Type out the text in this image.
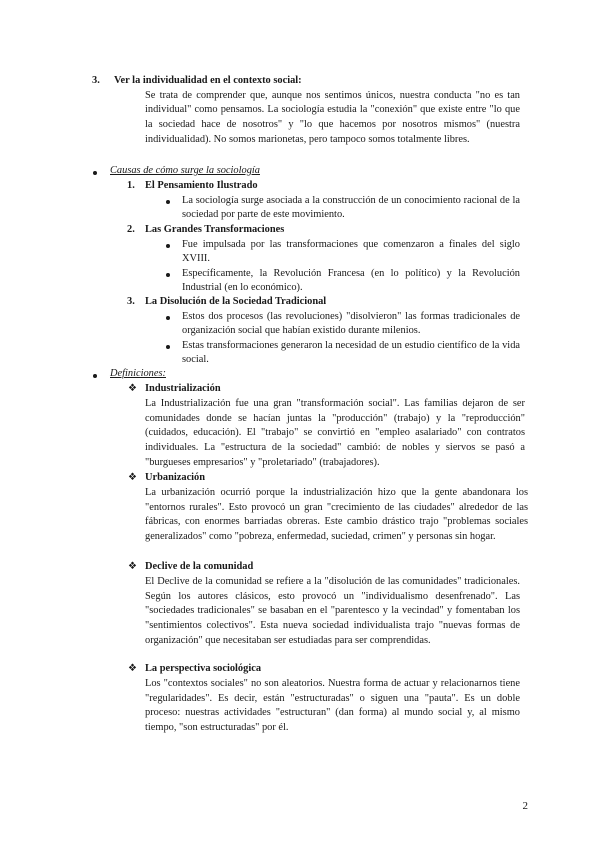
3. Ver la individualidad en el contexto social:

Se trata de comprender que, aunque nos sentimos únicos, nuestra conducta "no es tan individual" como pensamos. La sociología estudia la "conexión" que existe entre "lo que la sociedad hace de nosotros" y "lo que hacemos por nosotros mismos" (nuestra individualidad). No somos marionetas, pero tampoco somos totalmente libres.

Causas de cómo surge la sociología

1. El Pensamiento Ilustrado

La sociología surge asociada a la construcción de un conocimiento racional de la sociedad por parte de este movimiento.

2. Las Grandes Transformaciones

Fue impulsada por las transformaciones que comenzaron a finales del siglo XVIII.

Específicamente, la Revolución Francesa (en lo político) y la Revolución Industrial (en lo económico).

3. La Disolución de la Sociedad Tradicional

Estos dos procesos (las revoluciones) "disolvieron" las formas tradicionales de organización social que habían existido durante milenios.

Estas transformaciones generaron la necesidad de un estudio científico de la vida social.

Definiciones:

❖ Industrialización

La Industrialización fue una gran "transformación social". Las familias dejaron de ser comunidades donde se hacían juntas la "producción" (trabajo) y la "reproducción" (cuidados, educación). El "trabajo" se convirtió en "empleo asalariado" con contratos individuales. La "estructura de la sociedad" cambió: de nobles y siervos se pasó a "burgueses empresarios" y "proletariado" (trabajadores).

❖ Urbanización

La urbanización ocurrió porque la industrialización hizo que la gente abandonara los "entornos rurales". Esto provocó un gran "crecimiento de las ciudades" alrededor de las fábricas, con enormes barriadas obreras. Este cambio drástico trajo "problemas sociales generalizados" como "pobreza, enfermedad, suciedad, crimen" y personas sin hogar.

❖ Declive de la comunidad

El Declive de la comunidad se refiere a la "disolución de las comunidades" tradicionales. Según los autores clásicos, esto provocó un "individualismo desenfrenado". Las "sociedades tradicionales" se basaban en el "parentesco y la vecindad" y fomentaban los "sentimientos colectivos". Esta nueva sociedad individualista trajo "nuevas formas de organización" que necesitaban ser estudiadas para ser comprendidas.

❖ La perspectiva sociológica

Los "contextos sociales" no son aleatorios. Nuestra forma de actuar y relacionarnos tiene "regularidades". Es decir, están "estructuradas" o siguen una "pauta". Es un doble proceso: nuestras actividades "estructuran" (dan forma) al mundo social y, al mismo tiempo, "son estructuradas" por él.

2
